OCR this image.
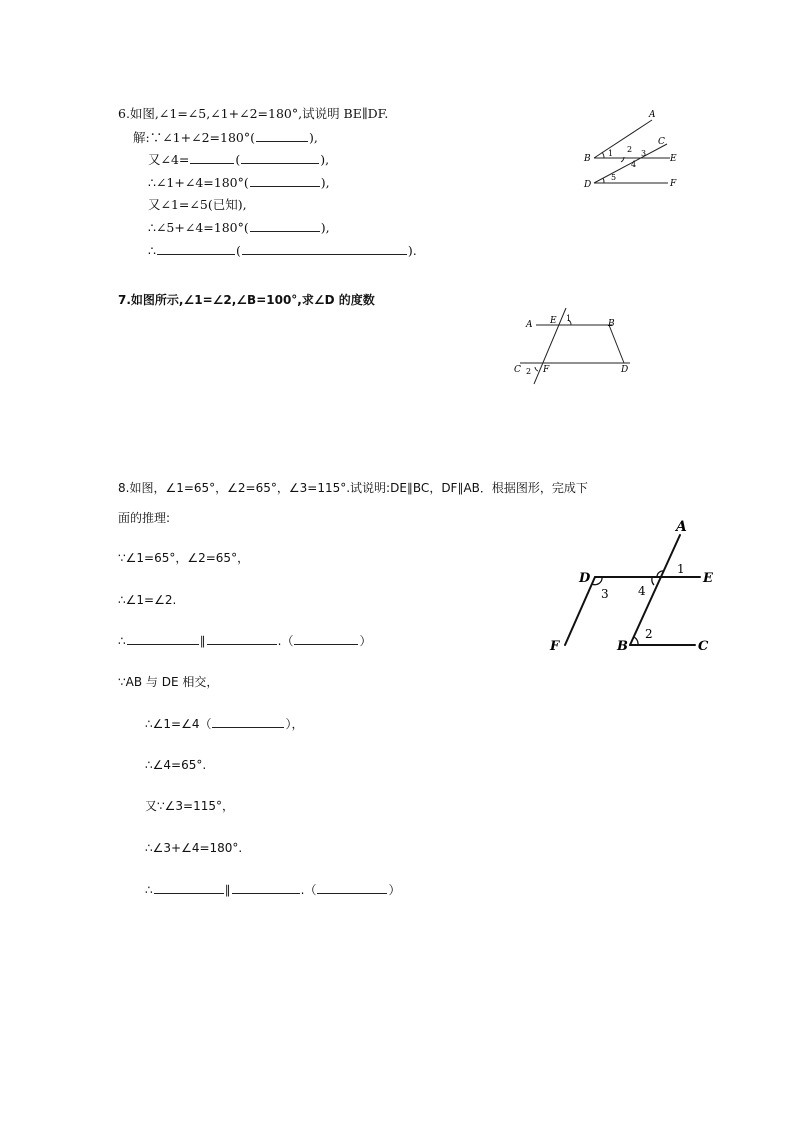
6.如图,∠1=∠5,∠1+∠2=180°,试说明 BE∥DF.
解:∵∠1+∠2=180°(	),
又∠4=	(	),
∴∠1+∠4=180°(	),
又∠1=∠5(已知),
∴∠5+∠4=180°(	),
∴	(	).
A
B
C
D
E
F
1 2 3
4
5
7.如图所示,∠1=∠2,∠B=100°,求∠D 的度数
A E 1
B
C 2 F	D
8.如图，∠1=65°，∠2=65°，∠3=115°.试说明:DE∥BC，DF∥AB．根据图形，完成下
面的推理:
∵∠1=65°，∠2=65°，
∴∠1=∠2.
∴	∥	.（	）
∵AB 与 DE 相交，
∴∠1=∠4（	），
∴∠4=65°.
又∵∠3=115°，
∴∠3+∠4=180°.
∴	∥	.（	）
A
1
D	E
3 4
F	B
2
C
